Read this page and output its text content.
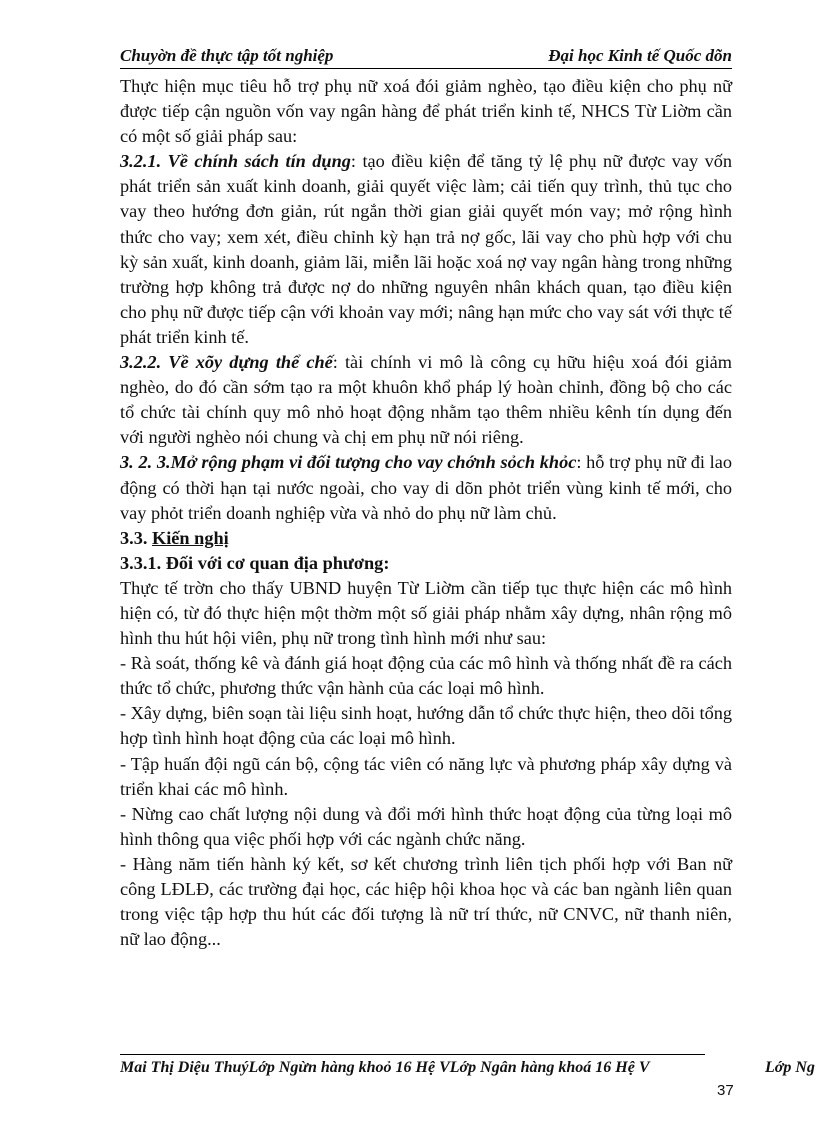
Chuyờn đề thực tập tốt nghiệp	Đại học Kinh tế Quốc dõn

Thực hiện mục tiêu hỗ trợ phụ nữ xoá đói giảm nghèo, tạo điều kiện cho phụ nữ được tiếp cận nguồn vốn vay ngân hàng để phát triển kinh tế, NHCS Từ Liờm cần có một số giải pháp sau:

3.2.1. Về chính sách tín dụng: tạo điều kiện để tăng tỷ lệ phụ nữ được vay vốn phát triển sản xuất kinh doanh, giải quyết việc làm; cải tiến quy trình, thủ tục cho vay theo hướng đơn giản, rút ngắn thời gian giải quyết món vay; mở rộng hình thức cho vay; xem xét, điều chỉnh kỳ hạn trả nợ gốc, lãi vay cho phù hợp với chu kỳ sản xuất, kinh doanh, giảm lãi, miễn lãi hoặc xoá nợ vay ngân hàng trong những trường hợp không trả được nợ do những nguyên nhân khách quan, tạo điều kiện cho phụ nữ được tiếp cận với khoản vay mới; nâng hạn mức cho vay sát với thực tế phát triển kinh tế.

3.2.2. Về xõy dựng thể chế: tài chính vi mô là công cụ hữu hiệu xoá đói giảm nghèo, do đó cần sớm tạo ra một khuôn khổ pháp lý hoàn chỉnh, đồng bộ cho các tổ chức tài chính quy mô nhỏ hoạt động nhằm tạo thêm nhiều kênh tín dụng đến với người nghèo nói chung và chị em phụ nữ nói riêng.

3. 2. 3.Mở rộng phạm vi đối tượng cho vay chớnh sỏch khỏc: hỗ trợ phụ nữ đi lao động có thời hạn tại nước ngoài, cho vay di dõn phỏt triển vùng kinh tế mới, cho vay phỏt triển doanh nghiệp vừa và nhỏ do phụ nữ làm chủ.

3.3. Kiến nghị

3.3.1. Đối với cơ quan địa phương:

Thực tế trờn cho thấy UBND huyện Từ Liờm cần tiếp tục thực hiện các mô hình hiện có, từ đó thực hiện một thờm một số giải pháp nhằm xây dựng, nhân rộng mô hình thu hút hội viên, phụ nữ trong tình hình mới như sau:

- Rà soát, thống kê và đánh giá hoạt động của các mô hình và thống nhất đề ra cách thức tổ chức, phương thức vận hành của các loại mô hình.

- Xây dựng, biên soạn tài liệu sinh hoạt, hướng dẫn tổ chức thực hiện, theo dõi tổng hợp tình hình hoạt động của các loại mô hình.

- Tập huấn đội ngũ cán bộ, cộng tác viên có năng lực và phương pháp xây dựng và triển khai các mô hình.

- Nừng cao chất lượng nội dung và đổi mới hình thức hoạt động của từng loại mô hình thông qua việc phối hợp với các ngành chức năng.

- Hàng năm tiến hành ký kết, sơ kết chương trình liên tịch phối hợp với Ban nữ công LĐLĐ, các trường đại học, các hiệp hội khoa học và các ban ngành liên quan trong việc tập hợp thu hút các đối tượng là nữ trí thức, nữ CNVC, nữ thanh niên, nữ lao động...

Mai Thị Diệu ThuýLớp Ngừn hàng khoỏ 16 Hệ VLớp Ngân hàng khoá 16 Hệ V	Lớp Ng
37
